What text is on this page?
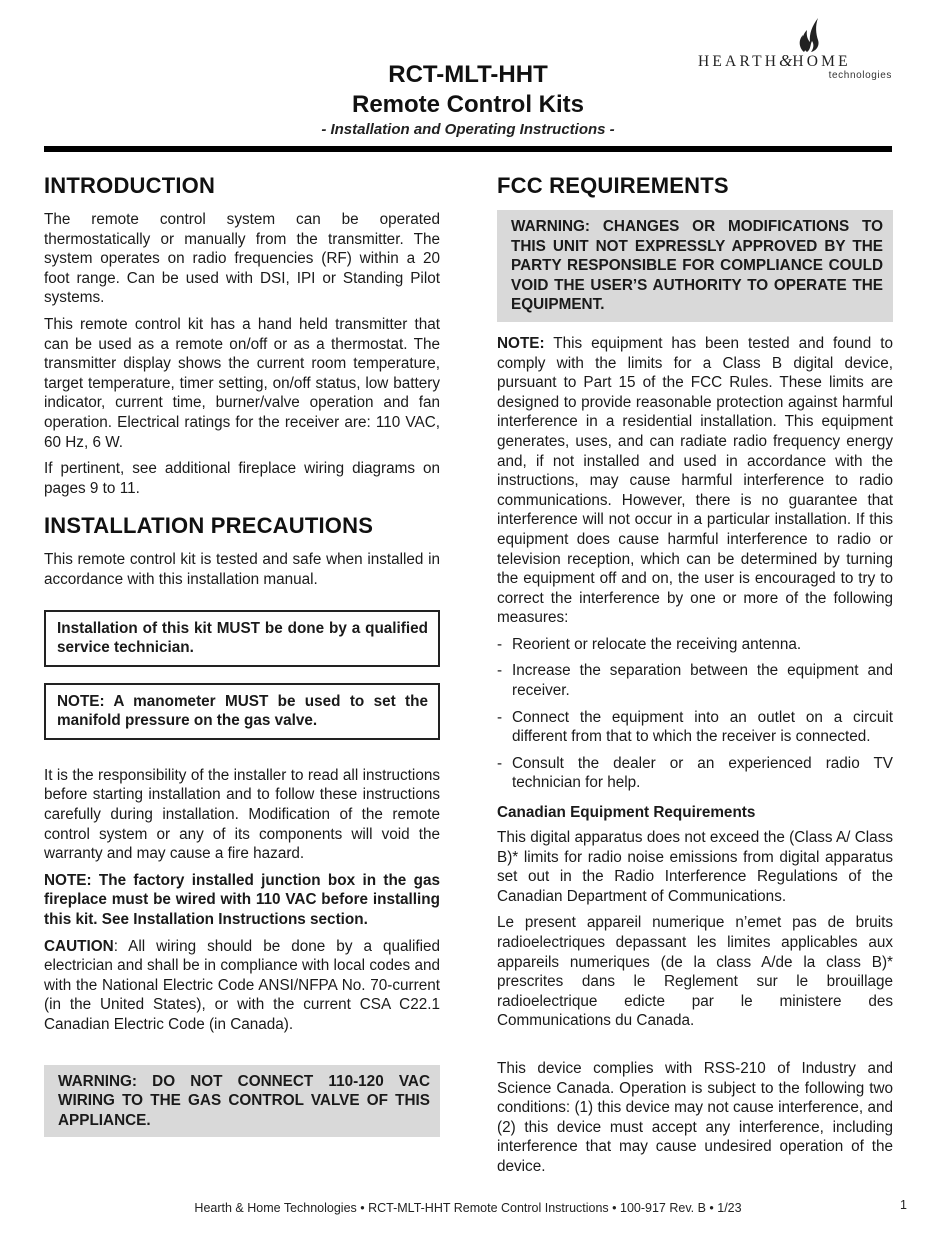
HEARTH&HOME
technologies
RCT-MLT-HHT
Remote Control Kits
- Installation and Operating Instructions -
INTRODUCTION

The remote control system can be operated thermostatically or manually from the transmitter. The system operates on radio frequencies (RF) within a 20 foot range. Can be used with DSI, IPI or Standing Pilot systems.

This remote control kit has a hand held transmitter that can be used as a remote on/off or as a thermostat. The transmitter display shows the current room temperature, target temperature, timer setting, on/off status, low battery indicator, current time, burner/valve operation and fan operation. Electrical ratings for the receiver are: 110 VAC, 60 Hz, 6 W.

If pertinent, see additional fireplace wiring diagrams on pages 9 to 11.

INSTALLATION PRECAUTIONS

This remote control kit is tested and safe when installed in accordance with this installation manual.

Installation of this kit MUST be done by a qualified service technician.
NOTE: A manometer MUST be used to set the manifold pressure on the gas valve.

It is the responsibility of the installer to read all instructions before starting installation and to follow these instructions carefully during installation. Modification of the remote control system or any of its components will void the warranty and may cause a fire hazard.

NOTE: The factory installed junction box in the gas fireplace must be wired with 110 VAC before installing this kit. See Installation Instructions section.

CAUTION: All wiring should be done by a qualified electrician and shall be in compliance with local codes and with the National Electric Code ANSI/NFPA No. 70-current (in the United States), or with the current CSA C22.1 Canadian Electric Code (in Canada).

WARNING: DO NOT CONNECT 110-120 VAC WIRING TO THE GAS CONTROL VALVE OF THIS APPLIANCE.
FCC REQUIREMENTS
WARNING: CHANGES OR MODIFICATIONS TO THIS UNIT NOT EXPRESSLY APPROVED BY THE PARTY RESPONSIBLE FOR COMPLIANCE COULD VOID THE USER’S AUTHORITY TO OPERATE THE EQUIPMENT.

NOTE: This equipment has been tested and found to comply with the limits for a Class B digital device, pursuant to Part 15 of the FCC Rules. These limits are designed to provide reasonable protection against harmful interference in a residential installation. This equipment generates, uses, and can radiate radio frequency energy and, if not installed and used in accordance with the instructions, may cause harmful interference to radio communications. However, there is no guarantee that interference will not occur in a particular installation. If this equipment does cause harmful interference to radio or television reception, which can be determined by turning the equipment off and on, the user is encouraged to try to correct the interference by one or more of the following measures:

- Reorient or relocate the receiving antenna.
- Increase the separation between the equipment and receiver.
- Connect the equipment into an outlet on a circuit different from that to which the receiver is connected.
- Consult the dealer or an experienced radio TV technician for help.
Canadian Equipment Requirements

This digital apparatus does not exceed the (Class A/ Class B)* limits for radio noise emissions from digital apparatus set out in the Radio Interference Regulations of the Canadian Department of Communications.

Le present appareil numerique n’emet pas de bruits radioelectriques depassant les limites applicables aux appareils numeriques (de la class A/de la class B)* prescrites dans le Reglement sur le brouillage radioelectrique edicte par le ministere des Communications du Canada.

This device complies with RSS-210 of Industry and Science Canada. Operation is subject to the following two conditions: (1) this device may not cause interference, and (2) this device must accept any interference, including interference that may cause undesired operation of the device.

Hearth & Home Technologies • RCT-MLT-HHT Remote Control Instructions • 100-917 Rev. B • 1/23	1
